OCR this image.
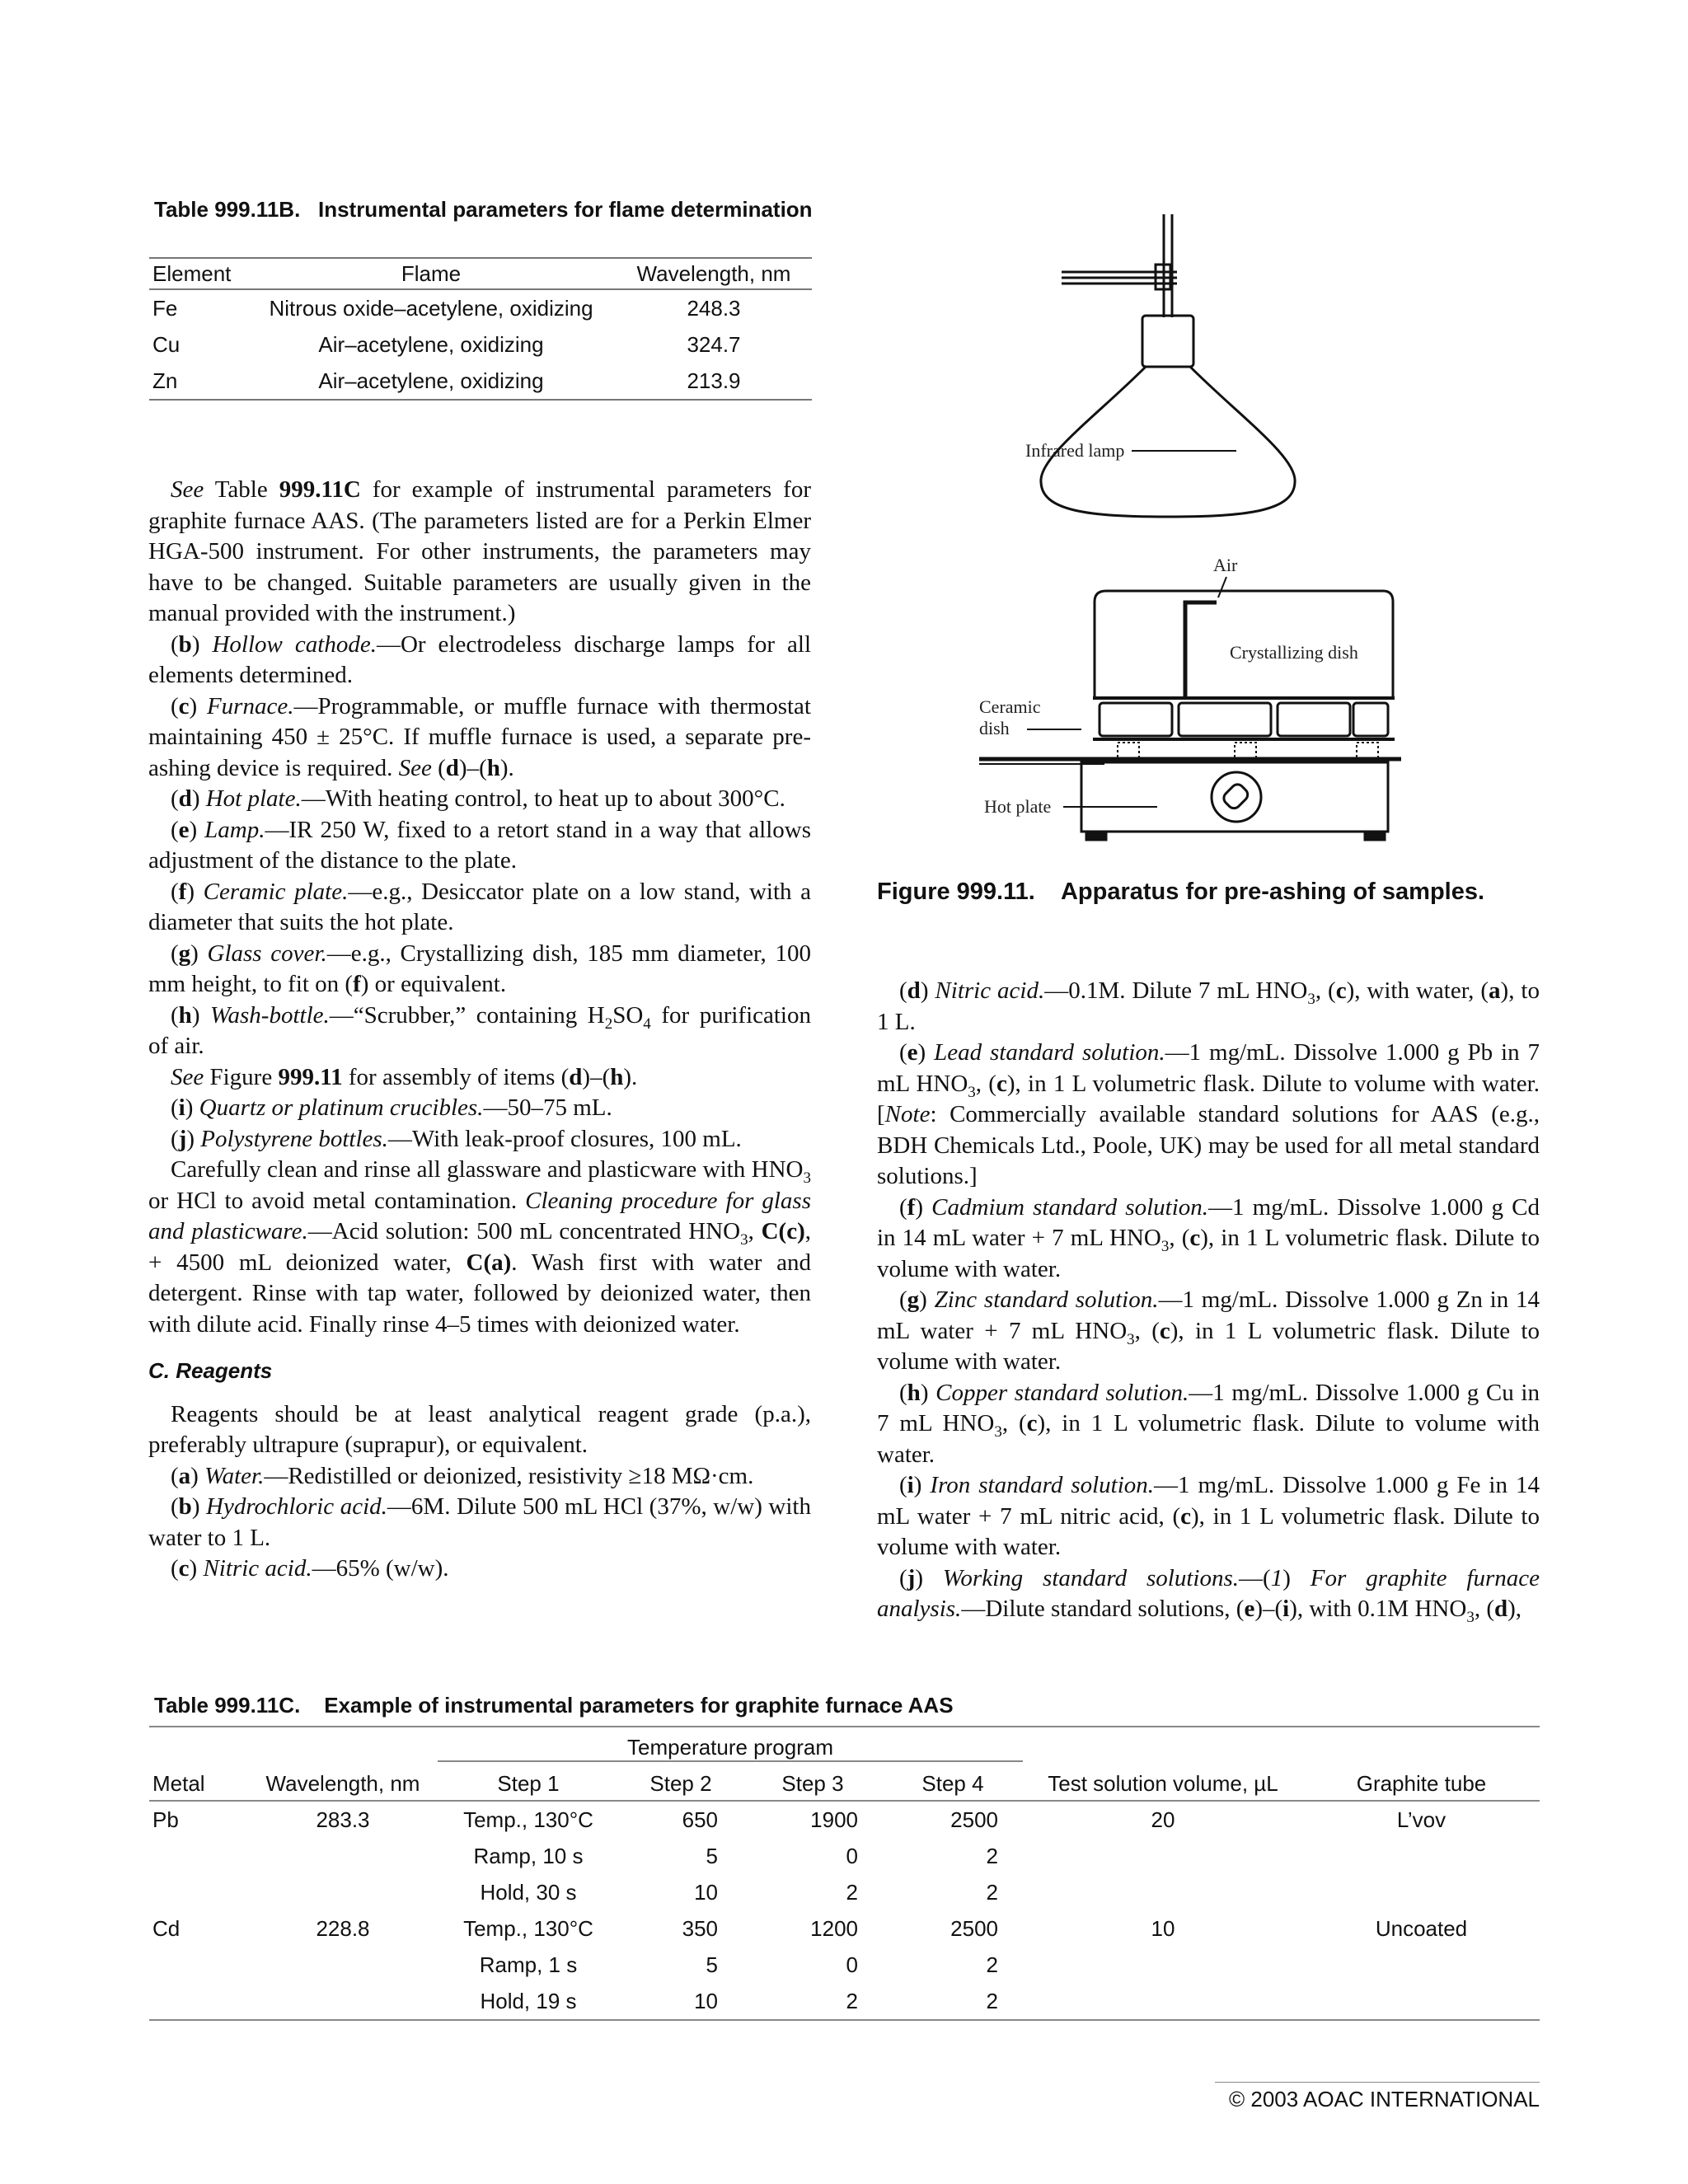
Table 999.11B. Instrumental parameters for flame determination
Element	Flame	Wavelength, nm
Fe	Nitrous oxide–acetylene, oxidizing	248.3
Cu	Air–acetylene, oxidizing	324.7
Zn	Air–acetylene, oxidizing	213.9

See Table 999.11C for example of instrumental parameters for graphite furnace AAS. (The parameters listed are for a Perkin Elmer HGA-500 instrument. For other instruments, the parameters may have to be changed. Suitable parameters are usually given in the manual provided with the instrument.)

(b) Hollow cathode.—Or electrodeless discharge lamps for all elements determined.

(c) Furnace.—Programmable, or muffle furnace with thermostat maintaining 450 ± 25°C. If muffle furnace is used, a separate pre-ashing device is required. See (d)–(h).

(d) Hot plate.—With heating control, to heat up to about 300°C.

(e) Lamp.—IR 250 W, fixed to a retort stand in a way that allows adjustment of the distance to the plate.

(f) Ceramic plate.—e.g., Desiccator plate on a low stand, with a diameter that suits the hot plate.

(g) Glass cover.—e.g., Crystallizing dish, 185 mm diameter, 100 mm height, to fit on (f) or equivalent.

(h) Wash-bottle.—“Scrubber,” containing $H_2SO_4$ for purification of air.

See Figure 999.11 for assembly of items (d)–(h).

(i) Quartz or platinum crucibles.—50–75 mL.

(j) Polystyrene bottles.—With leak-proof closures, 100 mL.

Carefully clean and rinse all glassware and plasticware with $HNO_3$ or HCl to avoid metal contamination. Cleaning procedure for glass and plasticware.—Acid solution: 500 mL concentrated $HNO_3$, C(c), + 4500 mL deionized water, C(a). Wash first with water and detergent. Rinse with tap water, followed by deionized water, then with dilute acid. Finally rinse 4–5 times with deionized water.

C. Reagents

Reagents should be at least analytical reagent grade (p.a.), preferably ultrapure (suprapur), or equivalent.

(a) Water.—Redistilled or deionized, resistivity ≥18 MΩ·cm.

(b) Hydrochloric acid.—6M. Dilute 500 mL HCl (37%, w/w) with water to 1 L.

(c) Nitric acid.—65% (w/w).

Infrared lamp
Air
Crystallizing dish
Ceramic
dish
Hot plate
Figure 999.11. Apparatus for pre-ashing of samples.

(d) Nitric acid.—0.1M. Dilute 7 mL $HNO_3$, (c), with water, (a), to 1 L.

(e) Lead standard solution.—1 mg/mL. Dissolve 1.000 g Pb in 7 mL $HNO_3$, (c), in 1 L volumetric flask. Dilute to volume with water. [Note: Commercially available standard solutions for AAS (e.g., BDH Chemicals Ltd., Poole, UK) may be used for all metal standard solutions.]

(f) Cadmium standard solution.—1 mg/mL. Dissolve 1.000 g Cd in 14 mL water + 7 mL $HNO_3$, (c), in 1 L volumetric flask. Dilute to volume with water.

(g) Zinc standard solution.—1 mg/mL. Dissolve 1.000 g Zn in 14 mL water + 7 mL $HNO_3$, (c), in 1 L volumetric flask. Dilute to volume with water.

(h) Copper standard solution.—1 mg/mL. Dissolve 1.000 g Cu in 7 mL $HNO_3$, (c), in 1 L volumetric flask. Dilute to volume with water.

(i) Iron standard solution.—1 mg/mL. Dissolve 1.000 g Fe in 14 mL water + 7 mL nitric acid, (c), in 1 L volumetric flask. Dilute to volume with water.

(j) Working standard solutions.—(1) For graphite furnace analysis.—Dilute standard solutions, (e)–(i), with 0.1M $HNO_3$, (d),

Table 999.11C. Example of instrumental parameters for graphite furnace AAS
		Temperature program					
Metal	Wavelength, nm	Step 1	Step 2	Step 3	Step 4	Test solution volume, µL	Graphite tube
Pb	283.3	Temp., 130°C	650	1900	2500	20	L’vov
		Ramp, 10 s	5	0	2		
		Hold, 30 s	10	2	2		
Cd	228.8	Temp., 130°C	350	1200	2500	10	Uncoated
		Ramp, 1 s	5	0	2		
		Hold, 19 s	10	2	2		
© 2003 AOAC INTERNATIONAL
